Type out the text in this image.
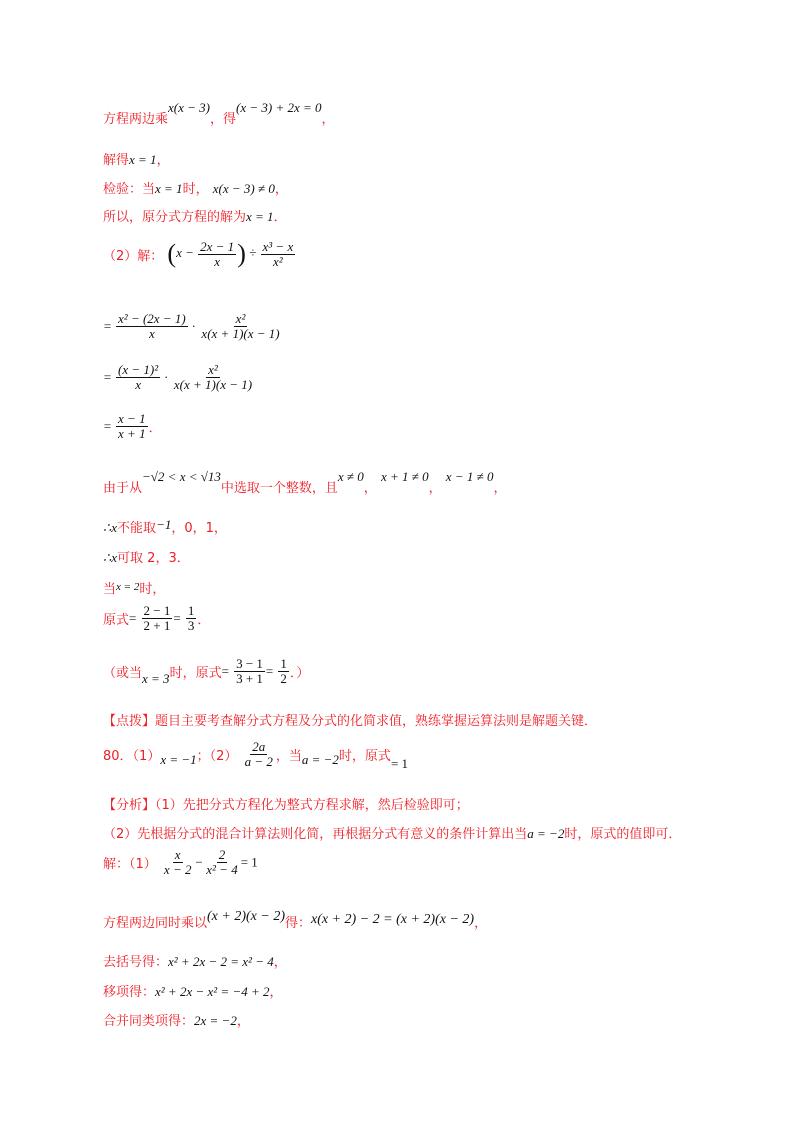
方程两边乘x(x − 3)，得(x − 3) + 2x = 0，
解得x = 1，
检验：当x = 1时， x(x − 3) ≠ 0，
所以，原分式方程的解为x = 1．
（2）解： ($x - \frac{2x - 1}{x}$ ) ÷ $\frac{\text{x³ − x}}{\text{x²}}$
= $\frac{\text{x² − (2x − 1)}}{x} \cdot \frac{\text{x²}}{x(x + 1)(x - 1)}$
= $\frac{\text{(x − 1)²}}{x} \cdot \frac{\text{x²}}{x(x + 1)(x - 1)}$
= $\frac{x - 1}{x + 1}$ ．
由于从−√2 < x < √13中选取一个整数，且x ≠ 0， x + 1 ≠ 0， x − 1 ≠ 0，
∴x不能取−1，0，1，
∴x可取 2，3．
当$^{x = 2}$时，
原式= $\frac{2 - 1}{2 + 1} = \frac{1}{3}$ ．
（或当x = 3时，原式= $\frac{3 - 1}{3 + 1} = \frac{1}{2}$ ．）
【点拨】题目主要考查解分式方程及分式的化简求值，熟练掌握运算法则是解题关键．
80．（1）x = −1；$(2) \frac{2a}{a - 2}$ ，当a = −2时，原式= 1
【分析】（1）先把分式方程化为整式方程求解，然后检验即可；
（2）先根据分式的混合计算法则化简，再根据分式有意义的条件计算出当a = −2时，原式的值即可．
解：$(1) \frac{x}{x - 2} - \frac{2}{\text{x² − 4}} = 1$
方程两边同时乘以(x + 2)(x − 2)得：x(x + 2) − 2 = (x + 2)(x − 2)，
去括号得：x² + 2x − 2 = x² − 4，
移项得：x² + 2x − x² = −4 + 2，
合并同类项得：2x = −2，
